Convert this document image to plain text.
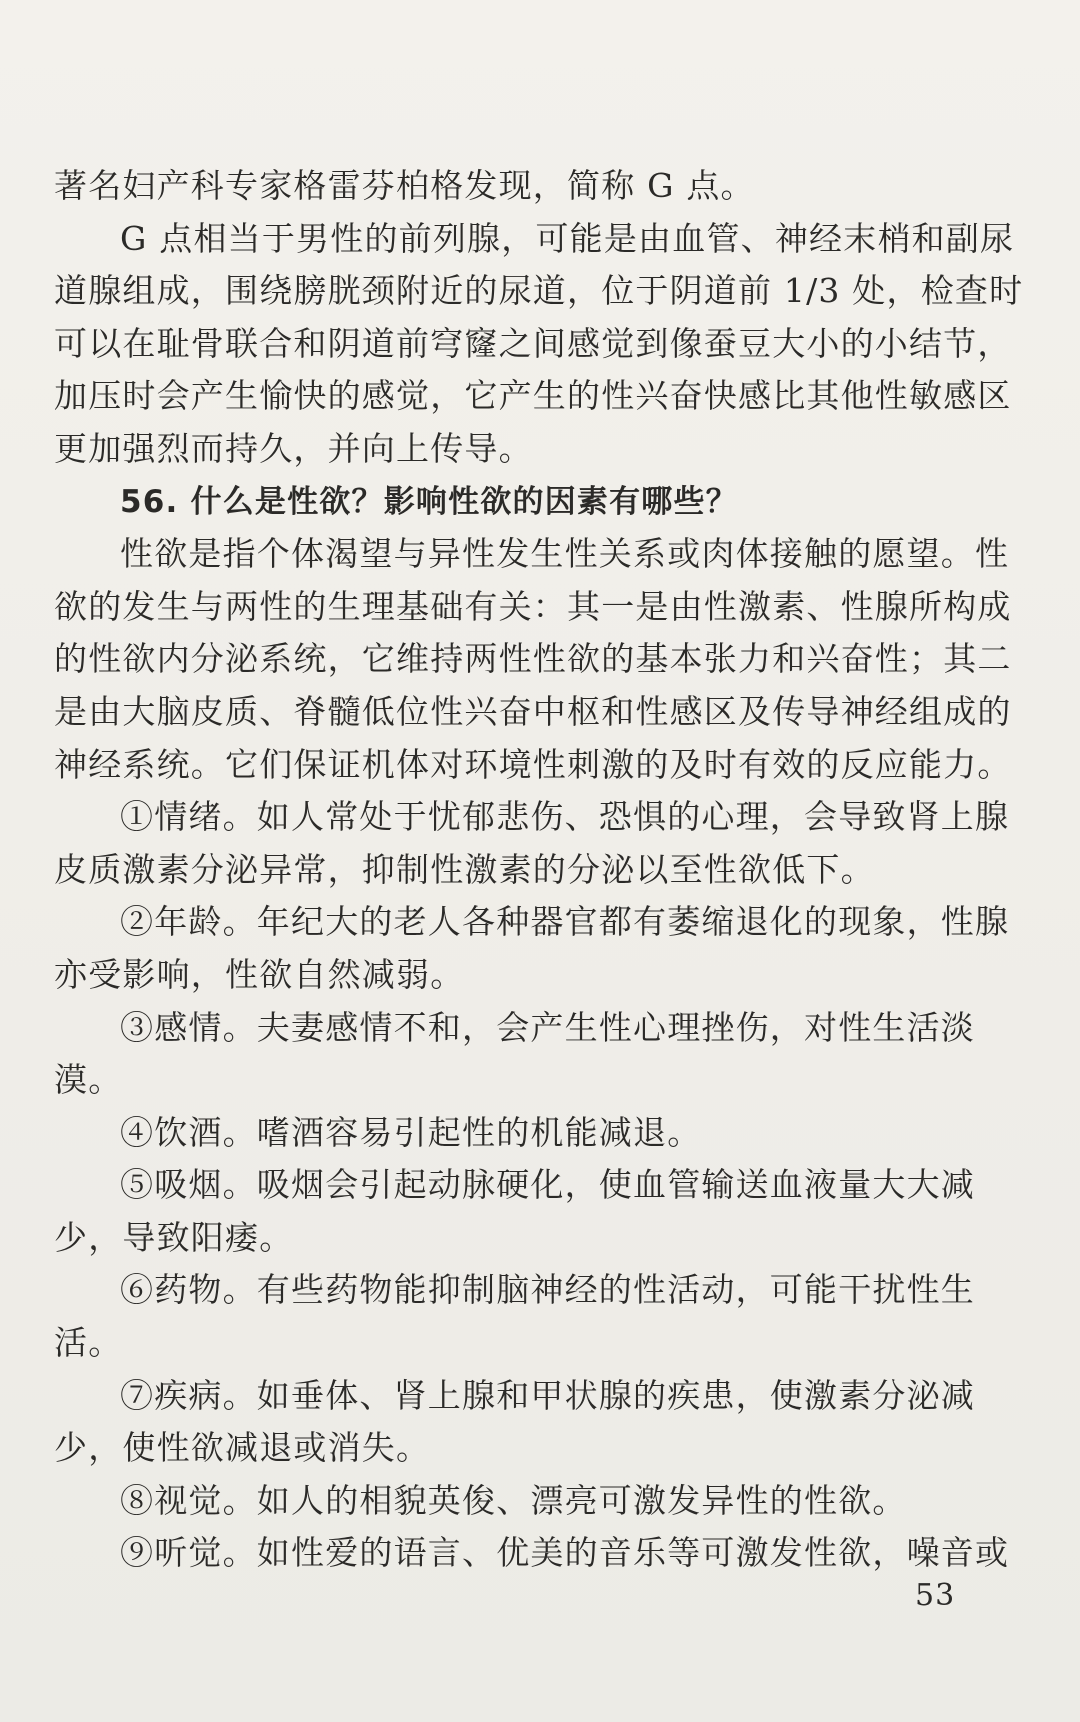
著名妇产科专家格雷芬柏格发现，简称 G 点。
G 点相当于男性的前列腺，可能是由血管、神经末梢和副尿
道腺组成，围绕膀胱颈附近的尿道，位于阴道前 1/3 处，检查时
可以在耻骨联合和阴道前穹窿之间感觉到像蚕豆大小的小结节，
加压时会产生愉快的感觉，它产生的性兴奋快感比其他性敏感区
更加强烈而持久，并向上传导。
56. 什么是性欲？影响性欲的因素有哪些？
性欲是指个体渴望与异性发生性关系或肉体接触的愿望。性
欲的发生与两性的生理基础有关：其一是由性激素、性腺所构成
的性欲内分泌系统，它维持两性性欲的基本张力和兴奋性；其二
是由大脑皮质、脊髓低位性兴奋中枢和性感区及传导神经组成的
神经系统。它们保证机体对环境性刺激的及时有效的反应能力。
①情绪。如人常处于忧郁悲伤、恐惧的心理，会导致肾上腺
皮质激素分泌异常，抑制性激素的分泌以至性欲低下。
②年龄。年纪大的老人各种器官都有萎缩退化的现象，性腺
亦受影响，性欲自然减弱。
③感情。夫妻感情不和，会产生性心理挫伤，对性生活淡
漠。
④饮酒。嗜酒容易引起性的机能减退。
⑤吸烟。吸烟会引起动脉硬化，使血管输送血液量大大减
少，导致阳痿。
⑥药物。有些药物能抑制脑神经的性活动，可能干扰性生
活。
⑦疾病。如垂体、肾上腺和甲状腺的疾患，使激素分泌减
少，使性欲减退或消失。
⑧视觉。如人的相貌英俊、漂亮可激发异性的性欲。
⑨听觉。如性爱的语言、优美的音乐等可激发性欲，噪音或
53
